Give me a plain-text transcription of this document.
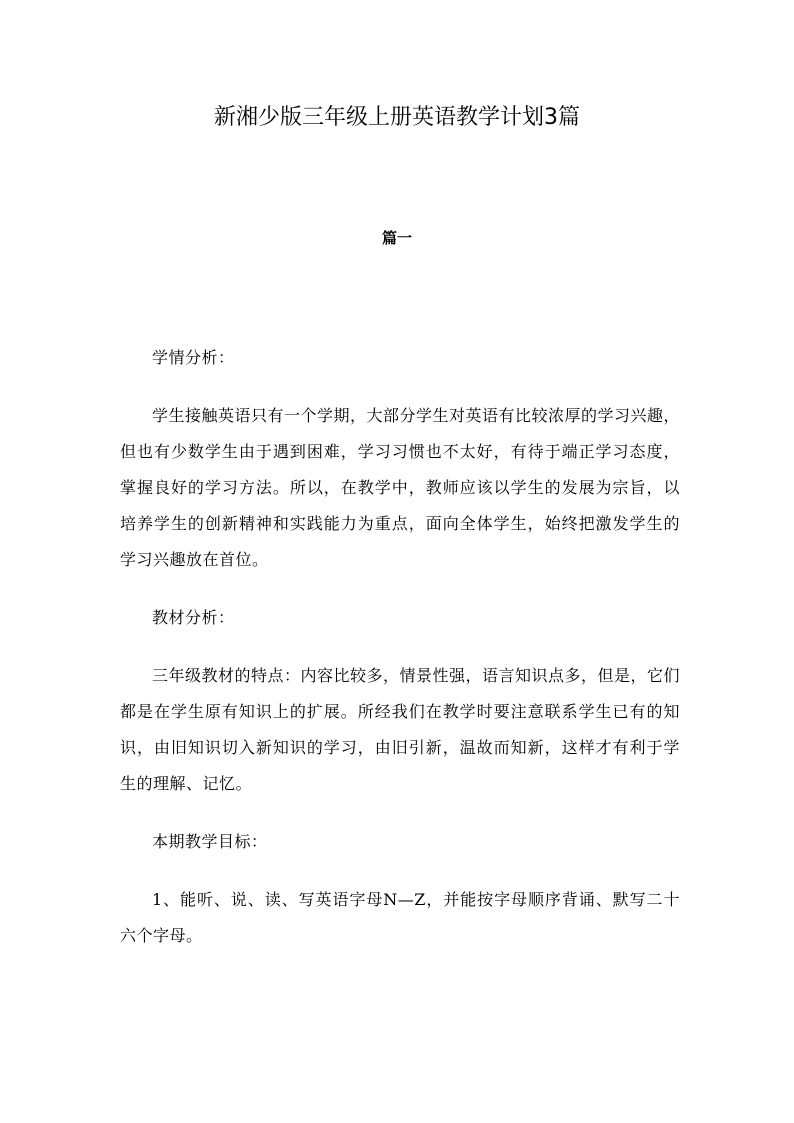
新湘少版三年级上册英语教学计划3篇
篇一

学情分析：

学生接触英语只有一个学期，大部分学生对英语有比较浓厚的学习兴趣，但也有少数学生由于遇到困难，学习习惯也不太好，有待于端正学习态度，掌握良好的学习方法。所以，在教学中，教师应该以学生的发展为宗旨，以培养学生的创新精神和实践能力为重点，面向全体学生，始终把激发学生的学习兴趣放在首位。

教材分析：

三年级教材的特点：内容比较多，情景性强，语言知识点多，但是，它们都是在学生原有知识上的扩展。所经我们在教学时要注意联系学生已有的知识，由旧知识切入新知识的学习，由旧引新，温故而知新，这样才有利于学生的理解、记忆。

本期教学目标：

1、能听、说、读、写英语字母N—Z，并能按字母顺序背诵、默写二十六个字母。
